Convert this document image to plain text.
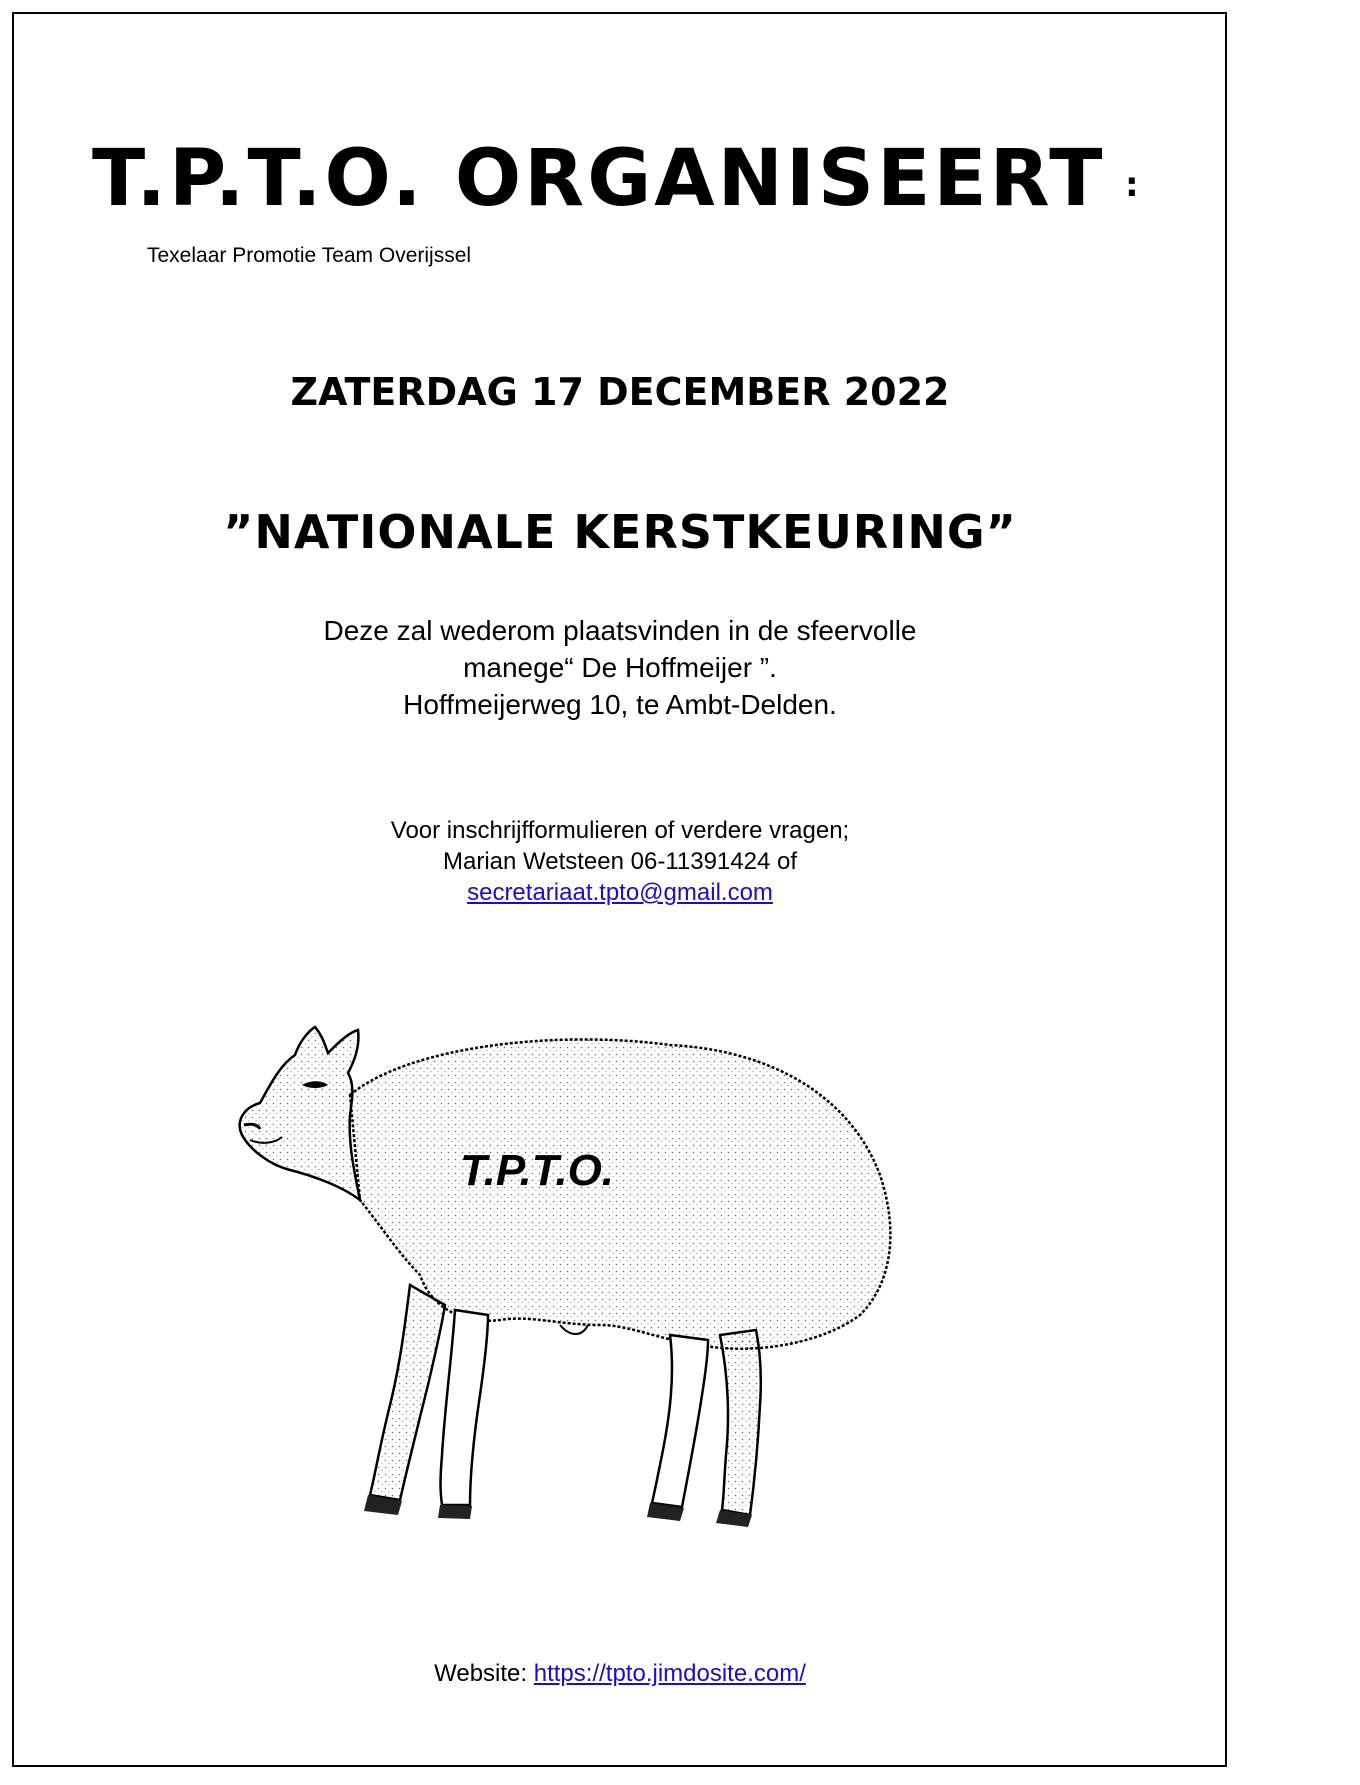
T.P.T.O. ORGANISEERT :
Texelaar Promotie Team Overijssel
ZATERDAG 17 DECEMBER 2022
”NATIONALE KERSTKEURING”
Deze zal wederom plaatsvinden in de sfeervolle
manege“ De Hoffmeijer ”.
Hoffmeijerweg 10, te Ambt-Delden.
Voor inschrijfformulieren of verdere vragen;
Marian Wetsteen 06-11391424 of
secretariaat.tpto@gmail.com
T.P.T.O.
Website: https://tpto.jimdosite.com/
